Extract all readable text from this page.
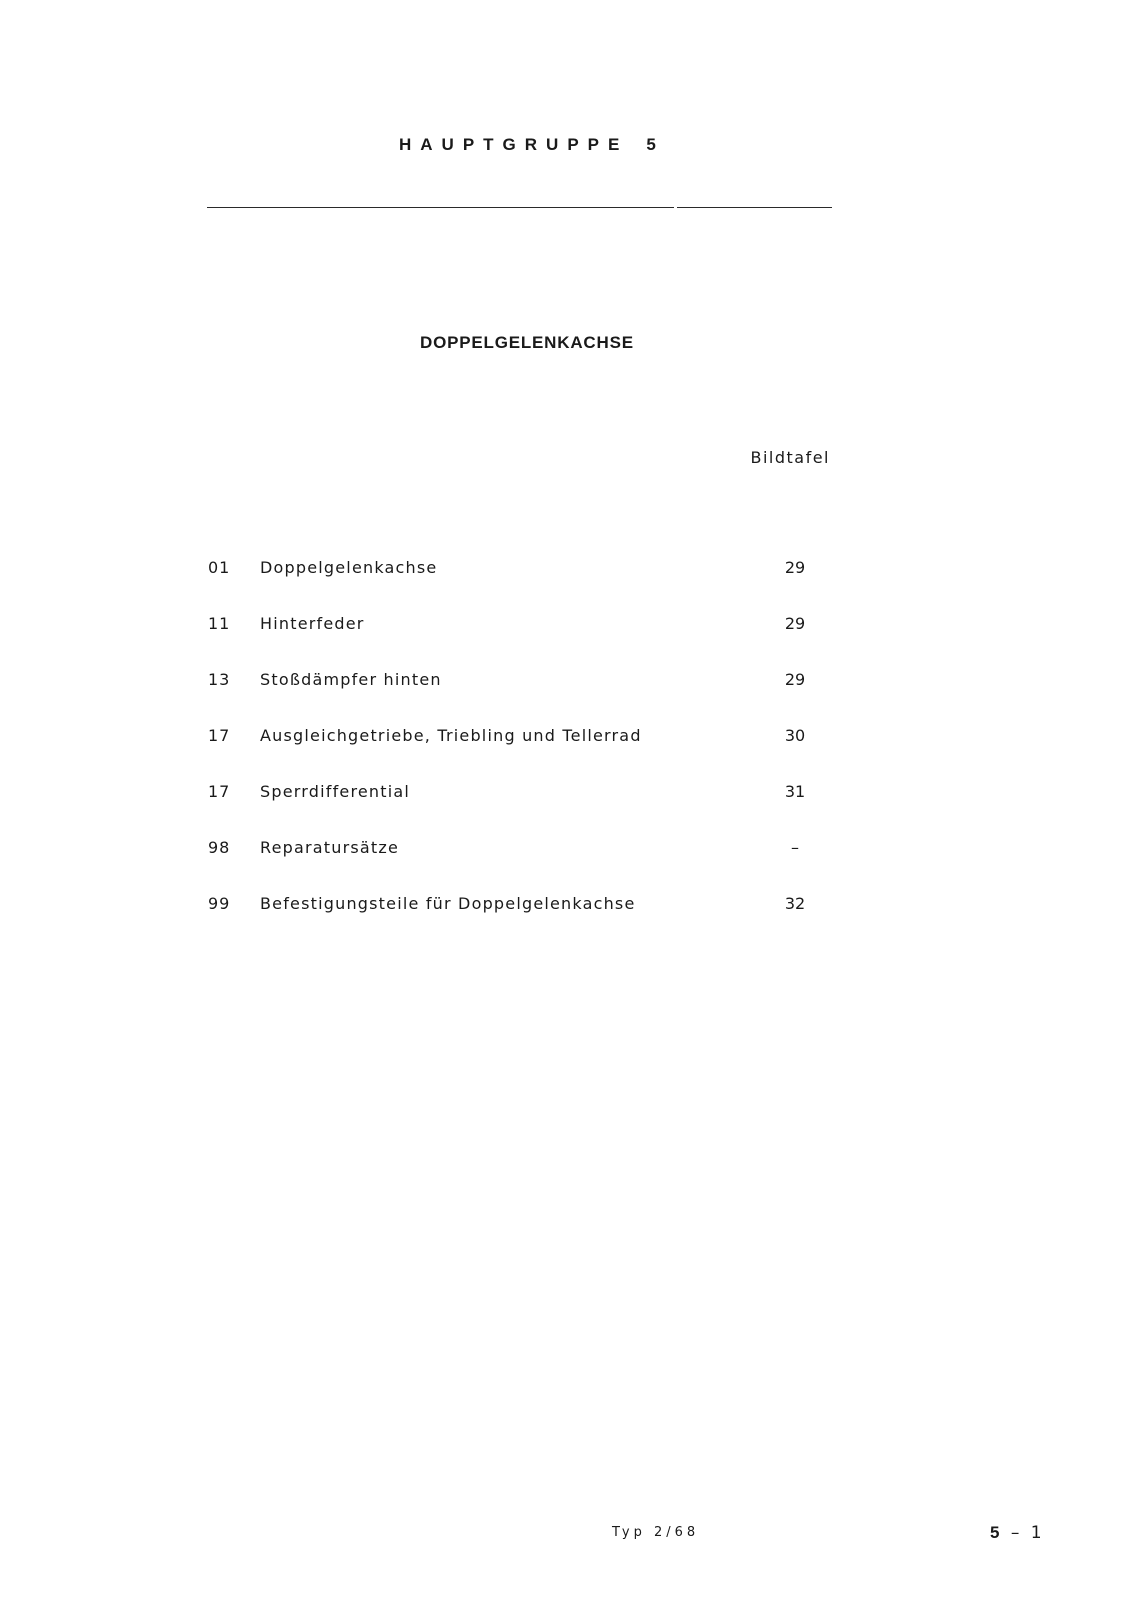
HAUPTGRUPPE 5
DOPPELGELENKACHSE
Bildtafel
01	Doppelgelenkachse	29
11	Hinterfeder	29
13	Stoßdämpfer hinten	29
17	Ausgleichgetriebe, Triebling und Tellerrad	30
17	Sperrdifferential	31
98	Reparatursätze	–
99	Befestigungsteile für Doppelgelenkachse	32
Typ 2/68	5 – 1
